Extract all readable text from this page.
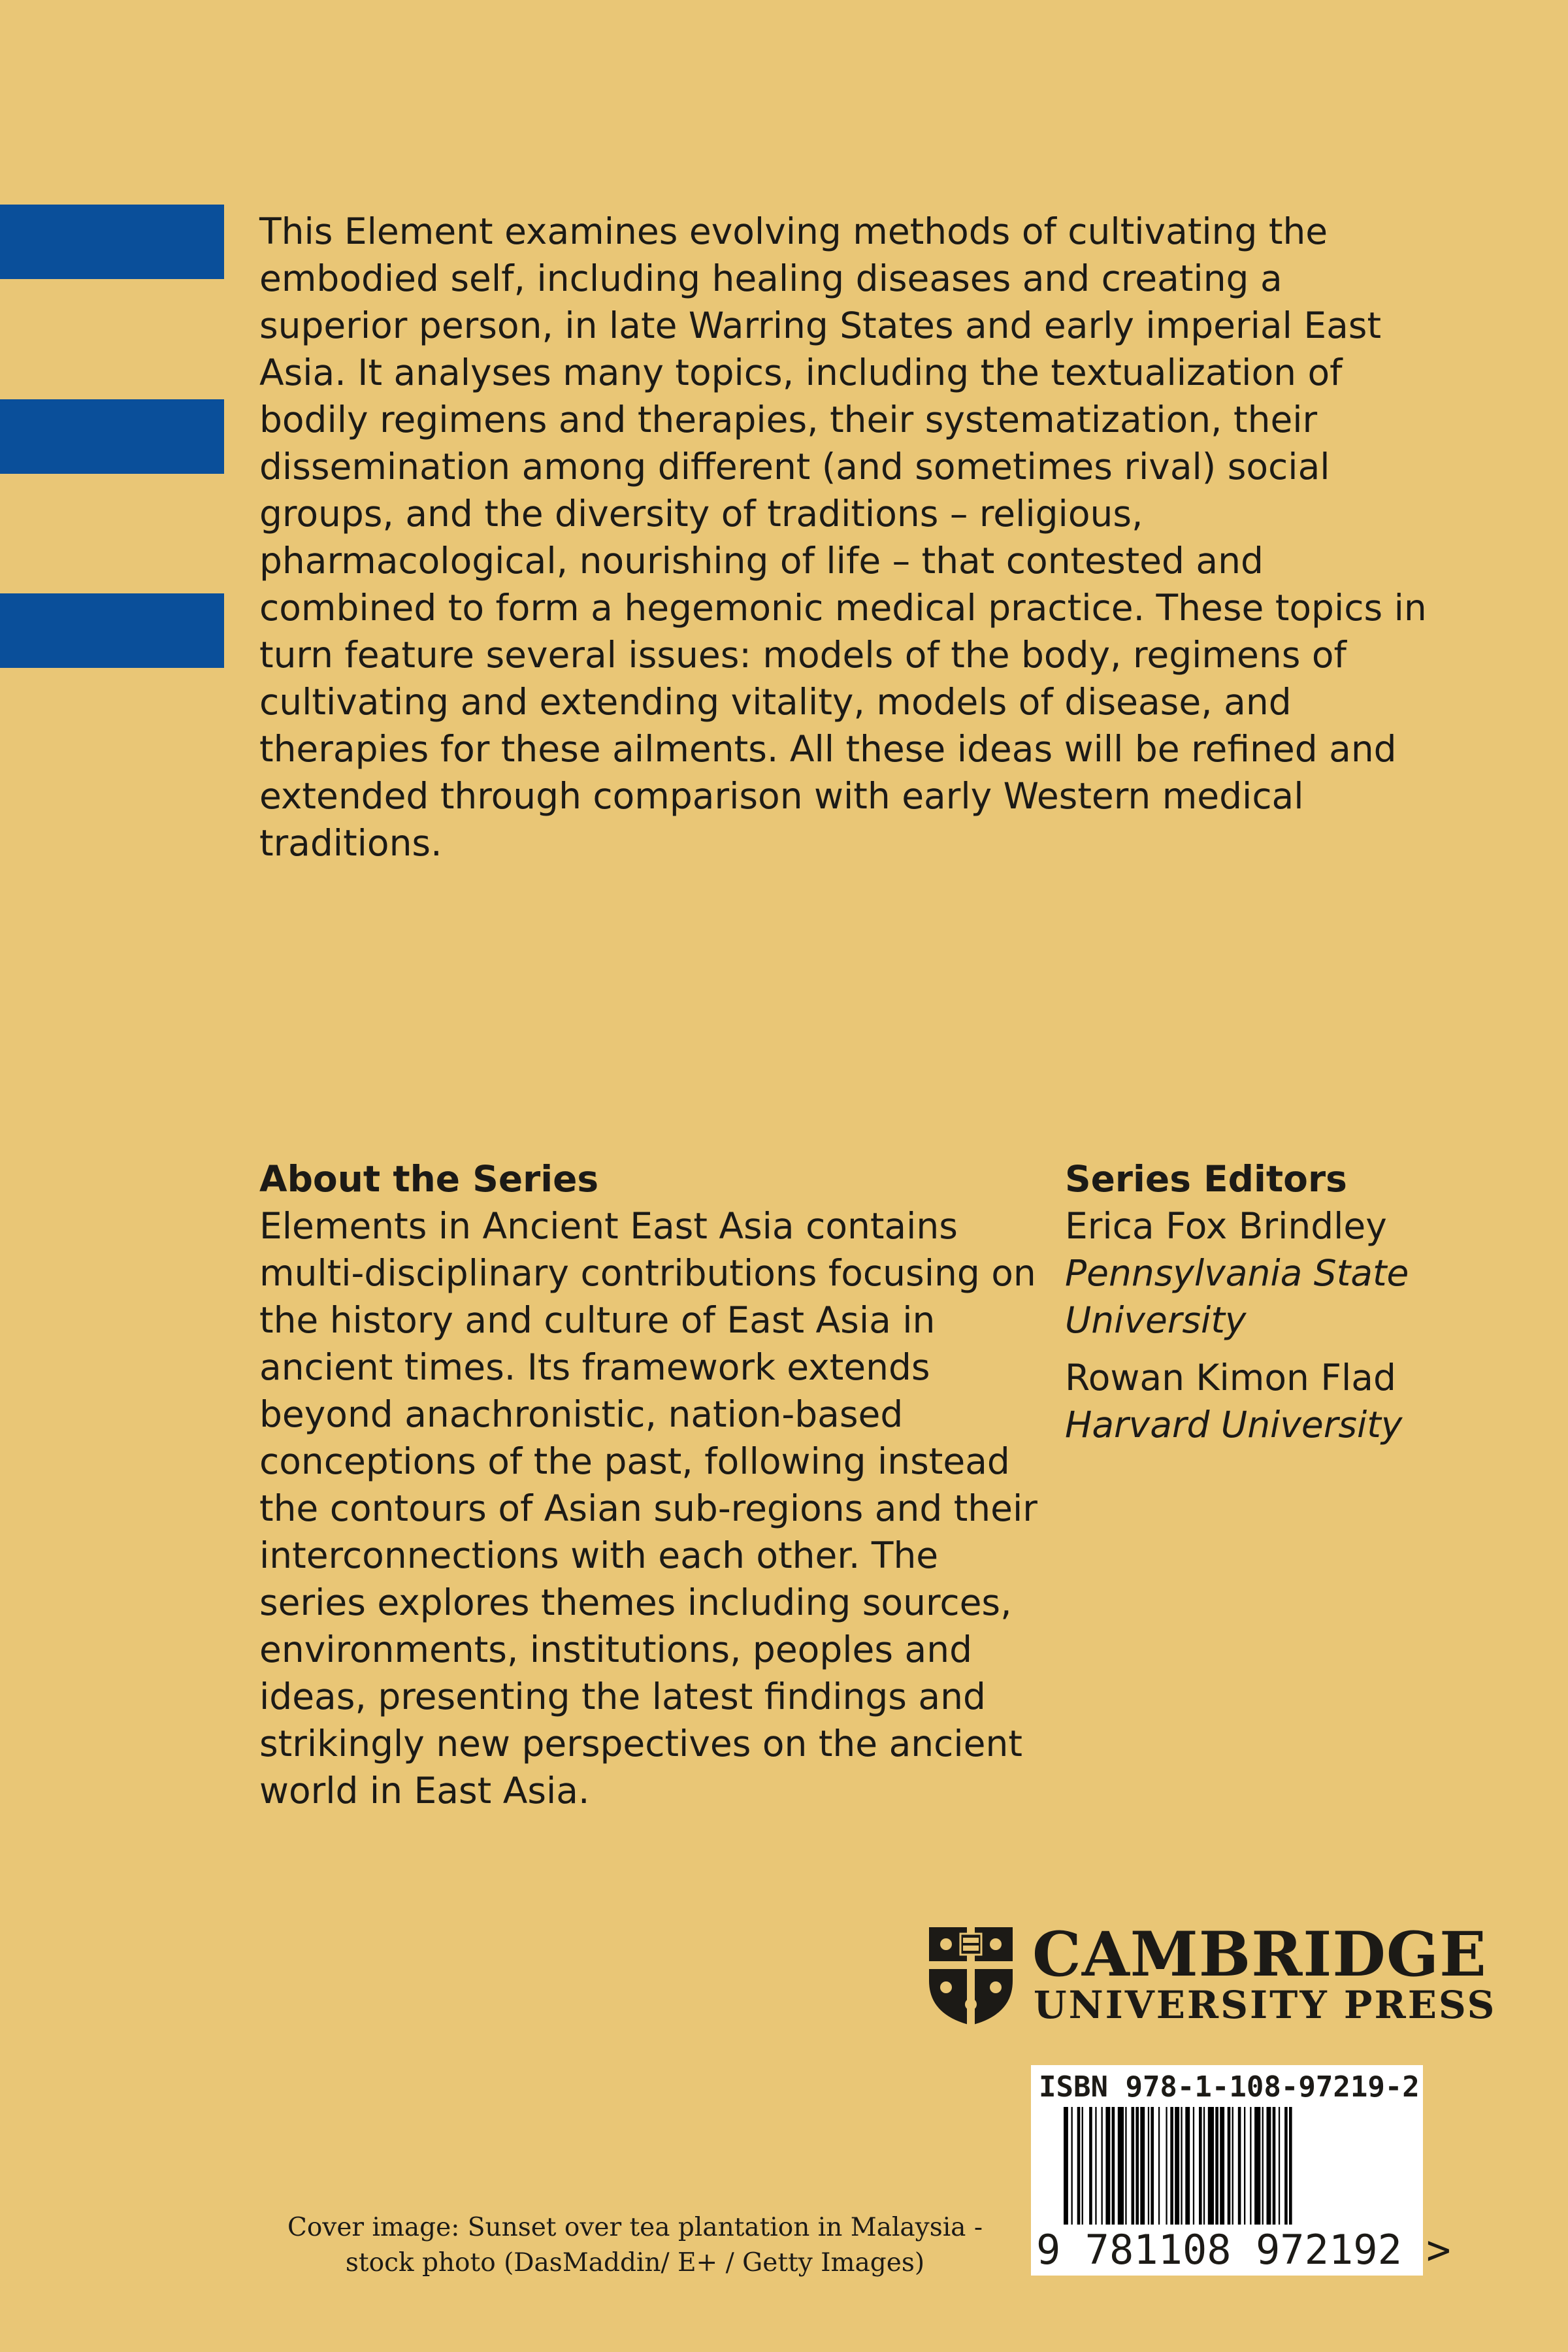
This Element examines evolving methods of cultivating the embodied self, including healing diseases and creating a superior person, in late Warring States and early imperial East Asia. It analyses many topics, including the textualization of bodily regimens and therapies, their systematization, their dissemination among different (and sometimes rival) social groups, and the diversity of traditions – religious, pharmacological, nourishing of life – that contested and combined to form a hegemonic medical practice. These topics in turn feature several issues: models of the body, regimens of cultivating and extending vitality, models of disease, and therapies for these ailments. All these ideas will be refined and extended through comparison with early Western medical traditions.

About the Series

Elements in Ancient East Asia contains multi-disciplinary contributions focusing on the history and culture of East Asia in ancient times. Its framework extends beyond anachronistic, nation-based conceptions of the past, following instead the contours of Asian sub-regions and their interconnections with each other. The series explores themes including sources, environments, institutions, peoples and ideas, presenting the latest findings and strikingly new perspectives on the ancient world in East Asia.

Series Editors
Erica Fox Brindley
Pennsylvania State University
Rowan Kimon Flad
Harvard University
CAMBRIDGE
UNIVERSITY PRESS
ISBN 978-1-108-97219-2
9 781108 972192 >

Cover image: Sunset over tea plantation in Malaysia - stock photo (DasMaddin/ E+ / Getty Images)
